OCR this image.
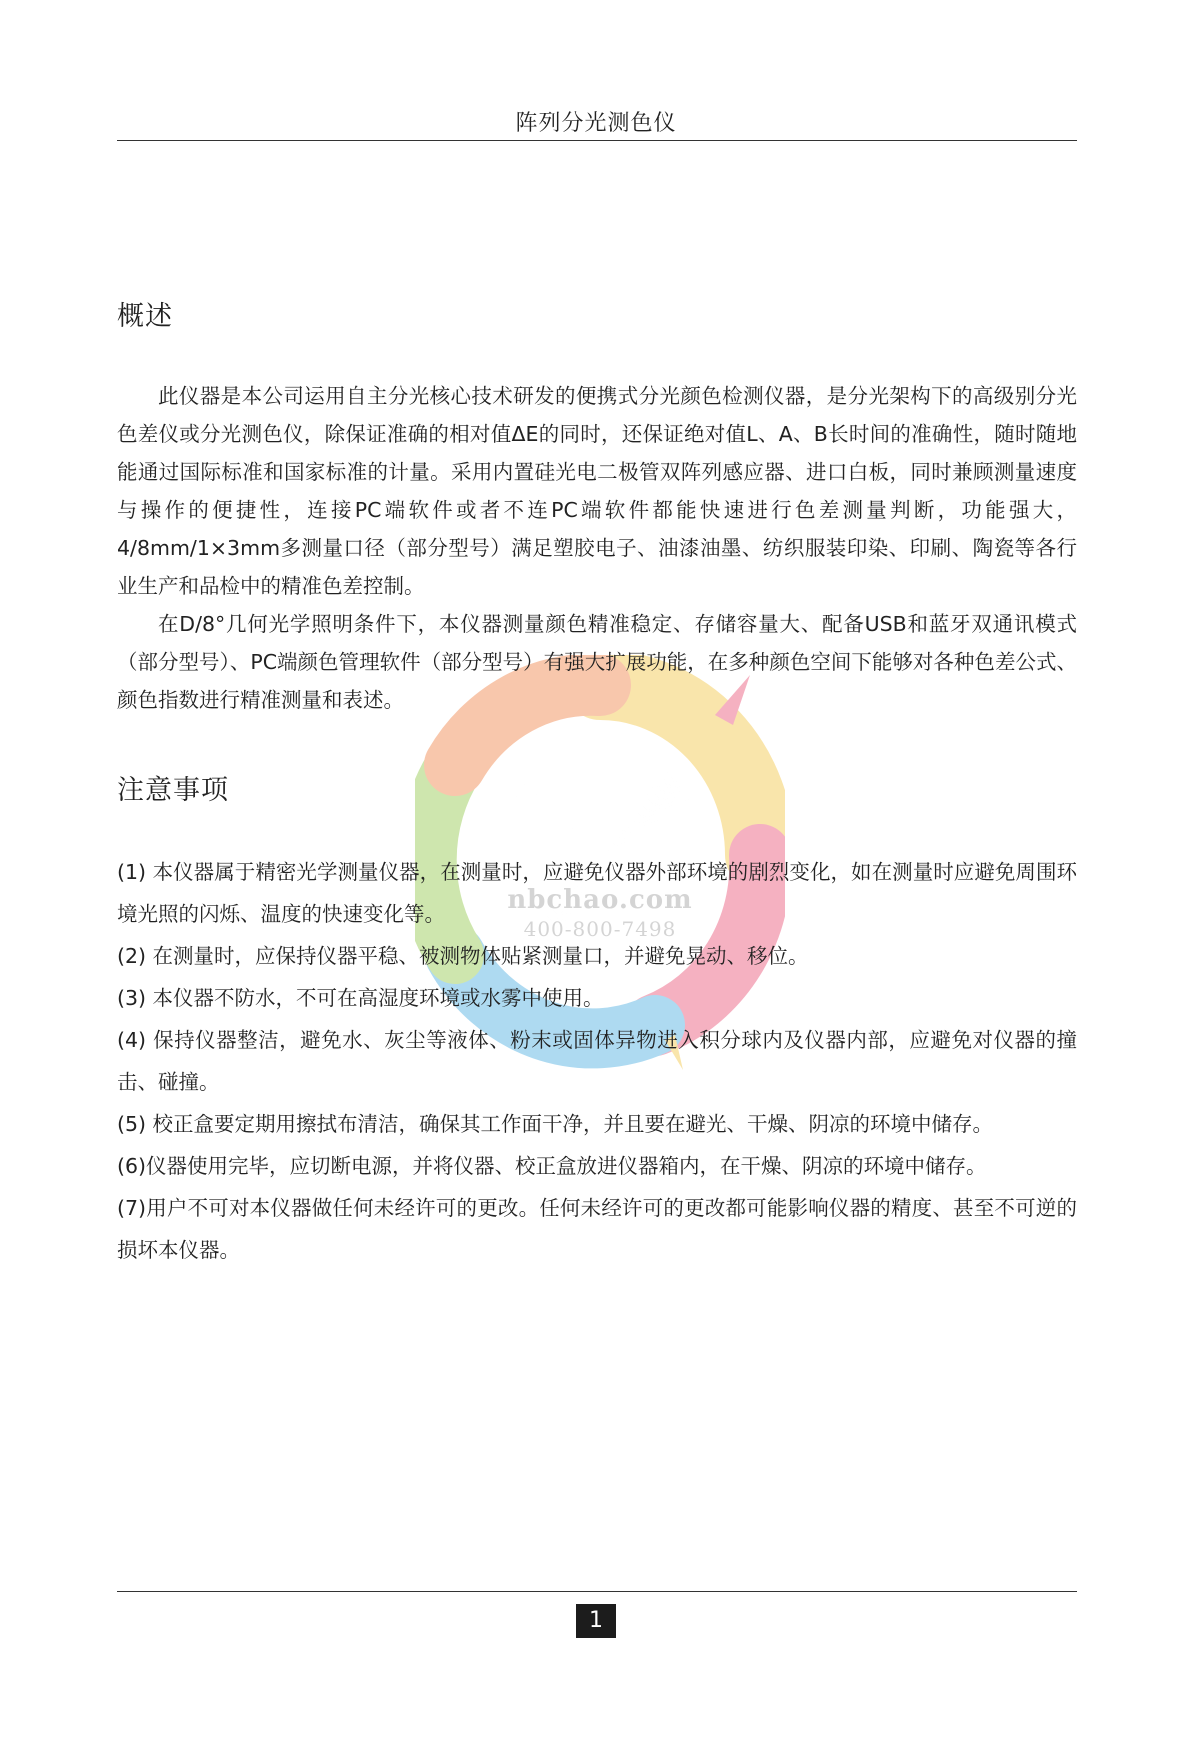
阵列分光测色仪
nbchao.com
400-800-7498
概述

此仪器是本公司运用自主分光核心技术研发的便携式分光颜色检测仪器，是分光架构下的高级别分光色差仪或分光测色仪，除保证准确的相对值ΔE的同时，还保证绝对值L、A、B长时间的准确性，随时随地能通过国际标准和国家标准的计量。采用内置硅光电二极管双阵列感应器、进口白板，同时兼顾测量速度与操作的便捷性，连接PC端软件或者不连PC端软件都能快速进行色差测量判断，功能强大，4/8mm/1×3mm多测量口径（部分型号）满足塑胶电子、油漆油墨、纺织服装印染、印刷、陶瓷等各行业生产和品检中的精准色差控制。

在D/8°几何光学照明条件下，本仪器测量颜色精准稳定、存储容量大、配备USB和蓝牙双通讯模式（部分型号）、PC端颜色管理软件（部分型号）有强大扩展功能，在多种颜色空间下能够对各种色差公式、颜色指数进行精准测量和表述。

注意事项

(1) 本仪器属于精密光学测量仪器，在测量时，应避免仪器外部环境的剧烈变化，如在测量时应避免周围环境光照的闪烁、温度的快速变化等。

(2) 在测量时，应保持仪器平稳、被测物体贴紧测量口，并避免晃动、移位。

(3) 本仪器不防水，不可在高湿度环境或水雾中使用。

(4) 保持仪器整洁，避免水、灰尘等液体、粉末或固体异物进入积分球内及仪器内部，应避免对仪器的撞击、碰撞。

(5) 校正盒要定期用擦拭布清洁，确保其工作面干净，并且要在避光、干燥、阴凉的环境中储存。

(6)仪器使用完毕，应切断电源，并将仪器、校正盒放进仪器箱内，在干燥、阴凉的环境中储存。

(7)用户不可对本仪器做任何未经许可的更改。任何未经许可的更改都可能影响仪器的精度、甚至不可逆的损坏本仪器。

1
